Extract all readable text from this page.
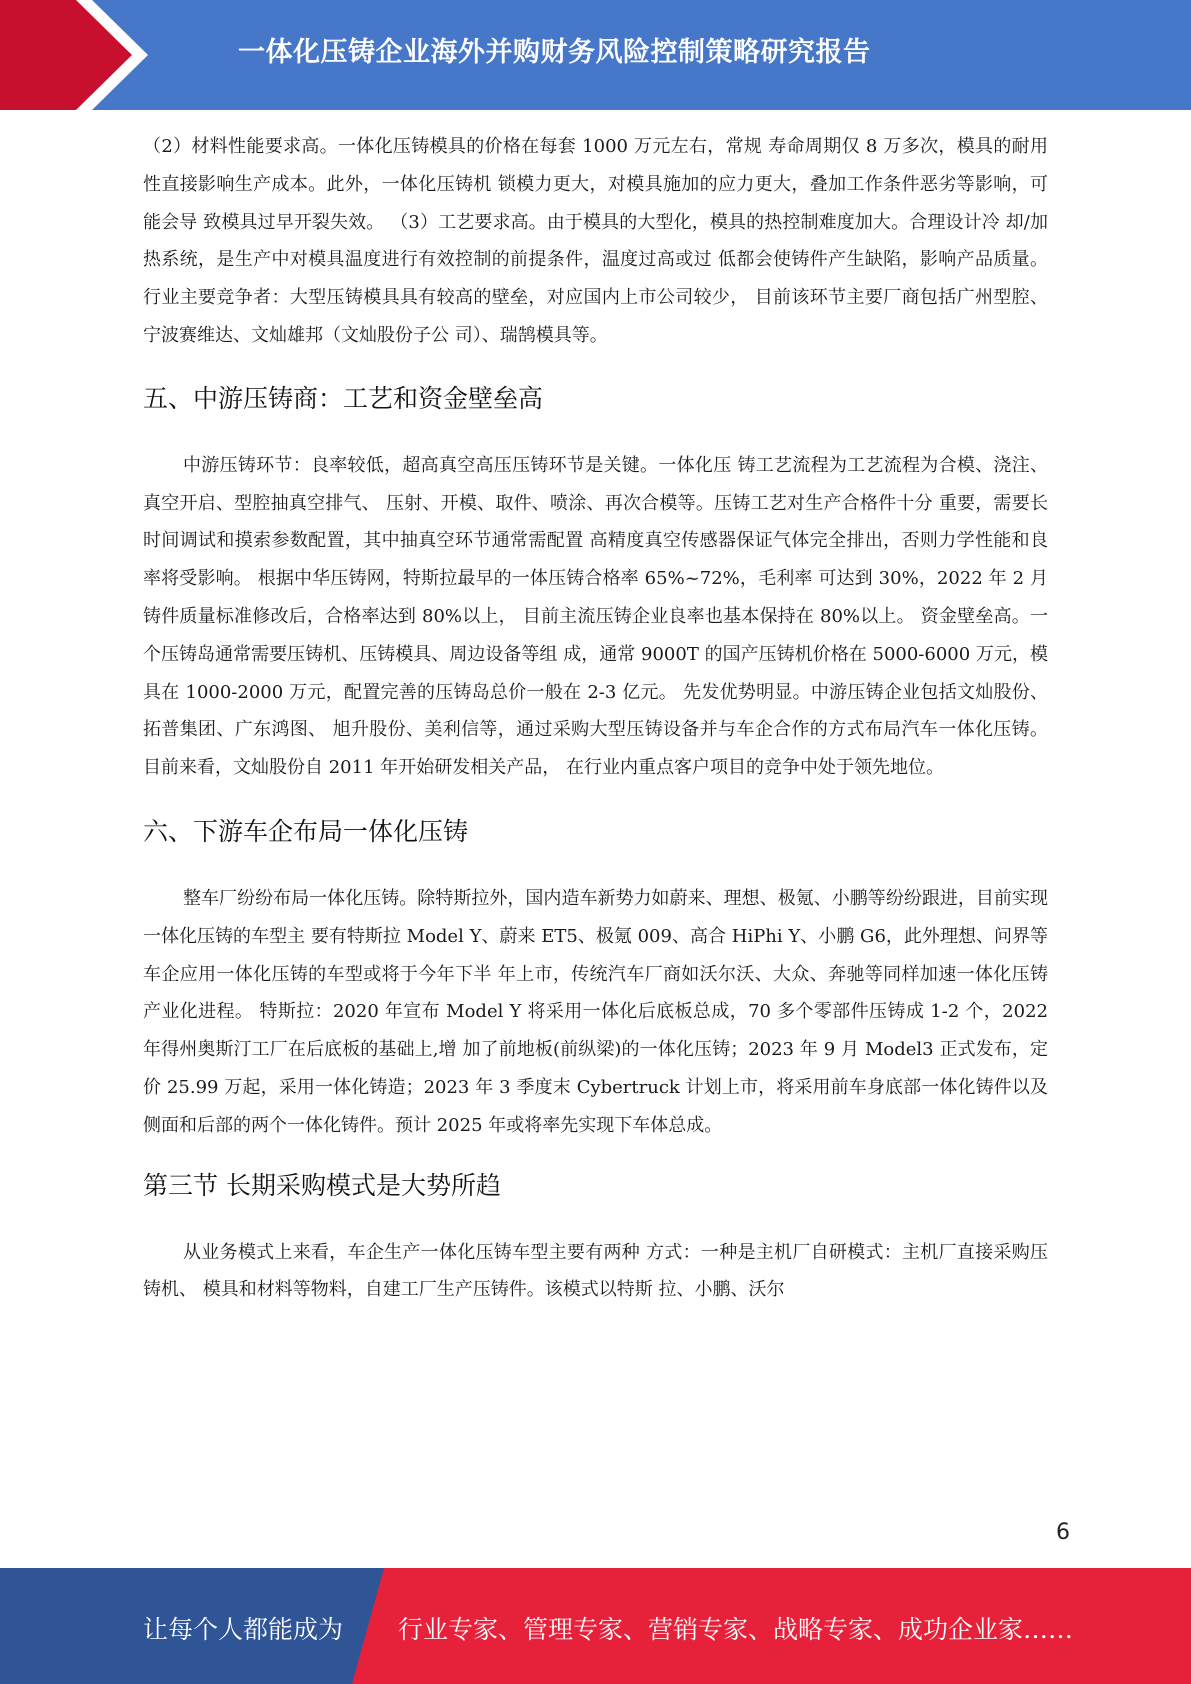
一体化压铸企业海外并购财务风险控制策略研究报告

（2）材料性能要求高。一体化压铸模具的价格在每套 1000 万元左右，常规 寿命周期仅 8 万多次，模具的耐用性直接影响生产成本。此外，一体化压铸机 锁模力更大，对模具施加的应力更大，叠加工作条件恶劣等影响，可能会导 致模具过早开裂失效。 （3）工艺要求高。由于模具的大型化，模具的热控制难度加大。合理设计冷 却/加热系统，是生产中对模具温度进行有效控制的前提条件，温度过高或过 低都会使铸件产生缺陷，影响产品质量。 行业主要竞争者：大型压铸模具具有较高的壁垒，对应国内上市公司较少， 目前该环节主要厂商包括广州型腔、宁波赛维达、文灿雄邦（文灿股份子公 司）、瑞鹄模具等。

五、中游压铸商：工艺和资金壁垒高

中游压铸环节：良率较低，超高真空高压压铸环节是关键。一体化压 铸工艺流程为工艺流程为合模、浇注、真空开启、型腔抽真空排气、 压射、开模、取件、喷涂、再次合模等。压铸工艺对生产合格件十分 重要，需要长时间调试和摸索参数配置，其中抽真空环节通常需配置 高精度真空传感器保证气体完全排出，否则力学性能和良率将受影响。 根据中华压铸网，特斯拉最早的一体压铸合格率 65%~72%，毛利率 可达到 30%，2022 年 2 月铸件质量标准修改后，合格率达到 80%以上， 目前主流压铸企业良率也基本保持在 80%以上。 资金壁垒高。一个压铸岛通常需要压铸机、压铸模具、周边设备等组 成，通常 9000T 的国产压铸机价格在 5000-6000 万元，模具在 1000-2000 万元，配置完善的压铸岛总价一般在 2-3 亿元。 先发优势明显。中游压铸企业包括文灿股份、拓普集团、广东鸿图、 旭升股份、美利信等，通过采购大型压铸设备并与车企合作的方式布局汽车一体化压铸。目前来看，文灿股份自 2011 年开始研发相关产品， 在行业内重点客户项目的竞争中处于领先地位。

六、下游车企布局一体化压铸

整车厂纷纷布局一体化压铸。除特斯拉外，国内造车新势力如蔚来、理想、极氪、小鹏等纷纷跟进，目前实现一体化压铸的车型主 要有特斯拉 Model Y、蔚来 ET5、极氪 009、高合 HiPhi Y、小鹏 G6，此外理想、问界等车企应用一体化压铸的车型或将于今年下半 年上市，传统汽车厂商如沃尔沃、大众、奔驰等同样加速一体化压铸产业化进程。 特斯拉：2020 年宣布 Model Y 将采用一体化后底板总成，70 多个零部件压铸成 1-2 个，2022 年得州奥斯汀工厂在后底板的基础上,增 加了前地板(前纵梁)的一体化压铸；2023 年 9 月 Model3 正式发布，定价 25.99 万起，采用一体化铸造；2023 年 3 季度末 Cybertruck 计划上市，将采用前车身底部一体化铸件以及侧面和后部的两个一体化铸件。预计 2025 年或将率先实现下车体总成。

第三节 长期采购模式是大势所趋

从业务模式上来看，车企生产一体化压铸车型主要有两种 方式：一种是主机厂自研模式：主机厂直接采购压铸机、 模具和材料等物料，自建工厂生产压铸件。该模式以特斯 拉、小鹏、沃尔

6
让每个人都能成为 行业专家、管理专家、营销专家、战略专家、成功企业家……
